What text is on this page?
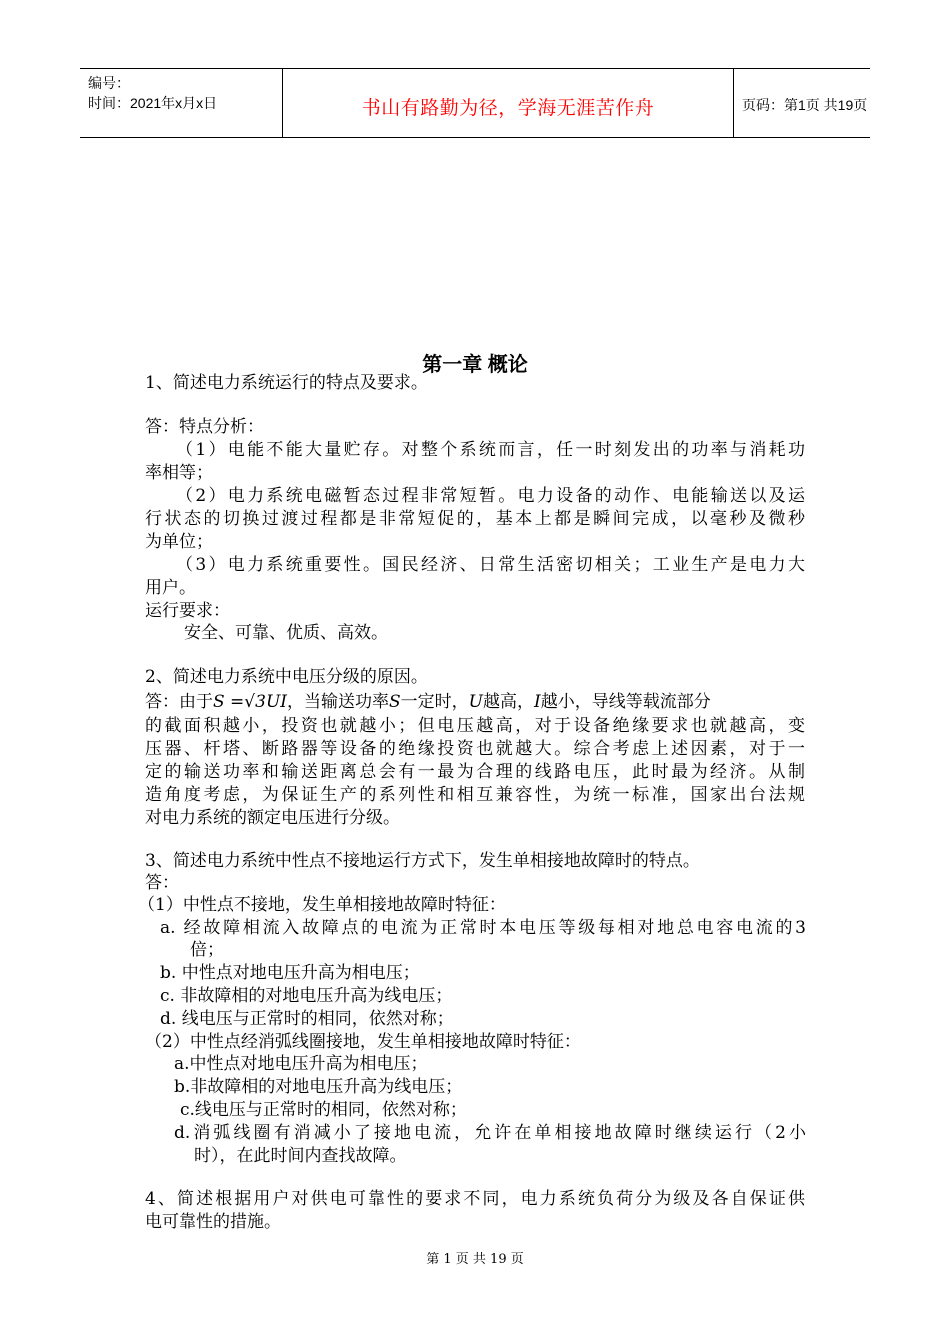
编号：
时间：2021年x月x日	书山有路勤为径，学海无涯苦作舟	页码：第1页 共19页
第一章 概论
1、简述电力系统运行的特点及要求。
答：特点分析：
（1）电能不能大量贮存。对整个系统而言，任一时刻发出的功率与消耗功
率相等；
（2）电力系统电磁暂态过程非常短暂。电力设备的动作、电能输送以及运
行状态的切换过渡过程都是非常短促的，基本上都是瞬间完成，以毫秒及微秒
为单位；
（3）电力系统重要性。国民经济、日常生活密切相关；工业生产是电力大
用户。
运行要求：
安全、可靠、优质、高效。
2、简述电力系统中电压分级的原因。
答：由于S =√3UI，当输送功率S一定时，U越高，I越小，导线等载流部分
的截面积越小，投资也就越小；但电压越高，对于设备绝缘要求也就越高，变
压器、杆塔、断路器等设备的绝缘投资也就越大。综合考虑上述因素，对于一
定的输送功率和输送距离总会有一最为合理的线路电压，此时最为经济。从制
造角度考虑，为保证生产的系列性和相互兼容性，为统一标准，国家出台法规
对电力系统的额定电压进行分级。
3、简述电力系统中性点不接地运行方式下，发生单相接地故障时的特点。
答：
（1）中性点不接地，发生单相接地故障时特征：
a. 经故障相流入故障点的电流为正常时本电压等级每相对地总电容电流的3
倍；
b. 中性点对地电压升高为相电压；
c. 非故障相的对地电压升高为线电压；
d. 线电压与正常时的相同，依然对称；
（2）中性点经消弧线圈接地，发生单相接地故障时特征：
a.中性点对地电压升高为相电压；
b.非故障相的对地电压升高为线电压；
c.线电压与正常时的相同，依然对称；
d.消弧线圈有消减小了接地电流，允许在单相接地故障时继续运行（2小
时），在此时间内查找故障。
4、简述根据用户对供电可靠性的要求不同，电力系统负荷分为级及各自保证供
电可靠性的措施。
第 1 页 共 19 页
